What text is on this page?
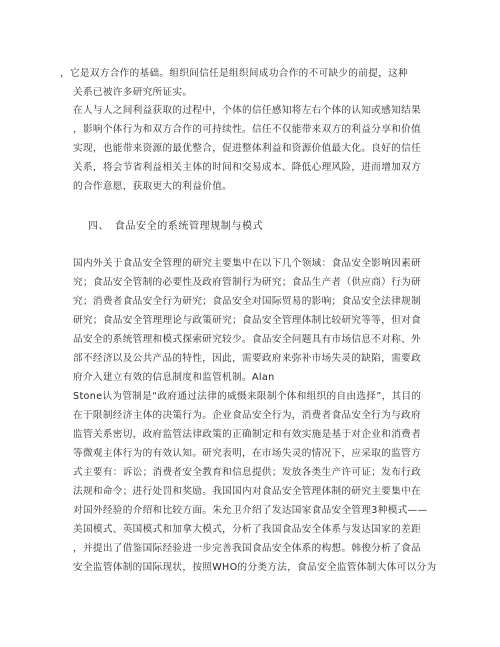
，它是双方合作的基础。组织间信任是组织间成功合作的不可缺少的前提，这种
关系已被许多研究所证实。
在人与人之间利益获取的过程中，个体的信任感知将左右个体的认知或感知结果
，影响个体行为和双方合作的可持续性。信任不仅能带来双方的利益分享和价值
实现，也能带来资源的最优整合，促进整体利益和资源价值最大化。良好的信任
关系，将会节省利益相关主体的时间和交易成本、降低心理风险，进而增加双方
的合作意愿，获取更大的利益价值。
四、　食品安全的系统管理规制与模式
国内外关于食品安全管理的研究主要集中在以下几个领域：食品安全影响因素研
究；食品安全管制的必要性及政府管制行为研究；食品生产者（供应商）行为研
究；消费者食品安全行为研究；食品安全对国际贸易的影响；食品安全法律规制
研究；食品安全管理理论与政策研究；食品安全管理体制比较研究等等，但对食
品安全的系统管理和模式探索研究较少。食品安全问题具有市场信息不对称、外
部不经济以及公共产品的特性，因此，需要政府来弥补市场失灵的缺陷，需要政
府介入建立有效的信息制度和监管机制。Alan
Stone认为管制是“政府通过法律的威慑来限制个体和组织的自由选择”，其目的
在于限制经济主体的决策行为。企业食品安全行为，消费者食品安全行为与政府
监管关系密切，政府监管法律政策的正确制定和有效实施是基于对企业和消费者
等微观主体行为的有效认知。研究表明，在市场失灵的情况下，应采取的监管方
式主要有：诉讼；消费者安全教育和信息提供；发放各类生产许可证；发布行政
法规和命令；进行处罚和奖励。我国国内对食品安全管理体制的研究主要集中在
对国外经验的介绍和比较方面。朱允卫介绍了发达国家食品安全管理3种模式——
美国模式、英国模式和加拿大模式，分析了我国食品安全体系与发达国家的差距
，并提出了借鉴国际经验进一步完善我国食品安全体系的构想。韩俊分析了食品
安全监管体制的国际现状，按照WHO的分类方法，食品安全监管体制大体可以分为
